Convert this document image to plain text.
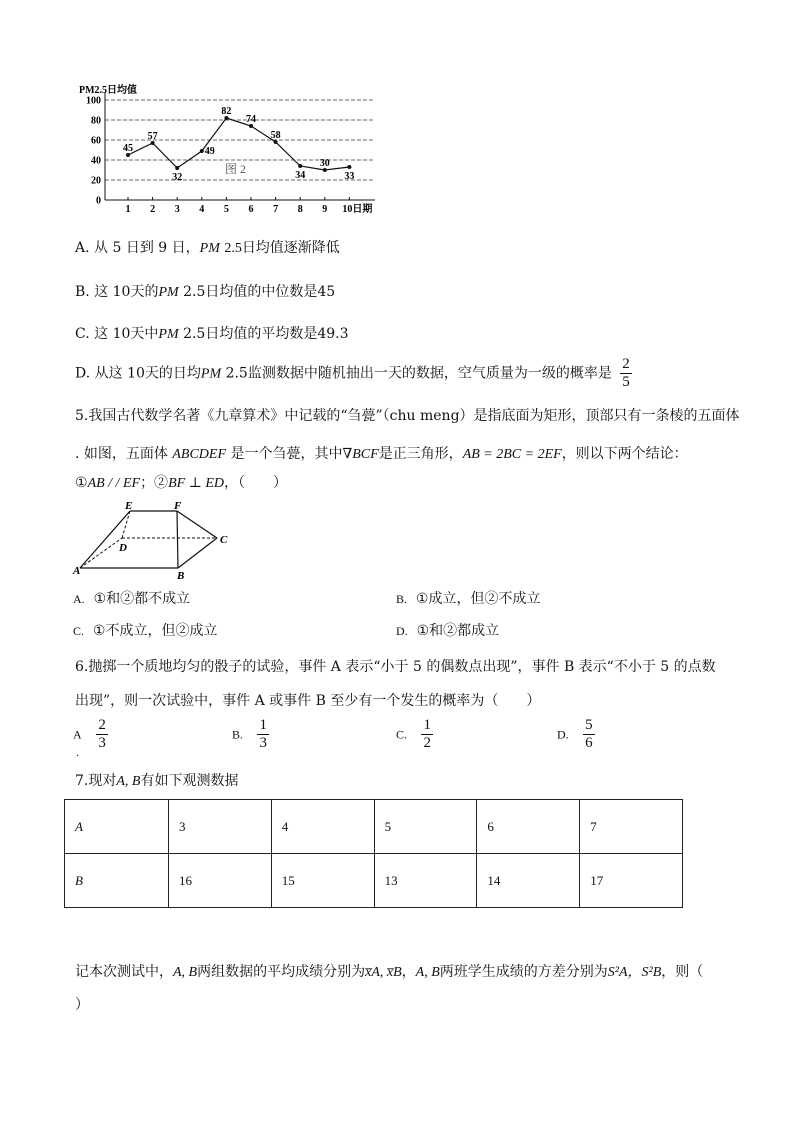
PM2.5日均值
0
20
40
60
80
100
1 2 3 4 5 6 7 8 9 10日期
45
57
32
49
82
74
58
34
30
33
图 2
A. 从 5 日到 9 日，PM 2.5日均值逐渐降低
B. 这 10天的PM 2.5日均值的中位数是45
C. 这 10天中PM 2.5日均值的平均数是49.3
D. 从这 10天的日均PM 2.5监测数据中随机抽出一天的数据，空气质量为一级的概率是 $\frac{2}{5}$
5.我国古代数学名著《九章算术》中记载的“刍甍”（chu meng）是指底面为矩形，顶部只有一条棱的五面体
. 如图，五面体 ABCDEF 是一个刍甍，其中∇BCF是正三角形，AB = 2BC = 2EF，则以下两个结论：
①AB / / EF；②BF ⊥ ED，（　　）
E	F
C
D
A	B
A. ①和②都不成立	B. ①成立，但②不成立
C. ①不成立，但②成立	D. ①和②都成立
6.抛掷一个质地均匀的骰子的试验，事件 A 表示“小于 5 的偶数点出现”，事件 B 表示“不小于 5 的点数
出现”，则一次试验中，事件 A 或事件 B 至少有一个发生的概率为（　　）
A $\frac{2}{3}$
.
B. $\frac{1}{3}$	C. $\frac{1}{2}$	D. $\frac{5}{6}$
7.现对A, B有如下观测数据
A	3	4	5	6	7
B	16	15	13	14	17
记本次测试中，A, B两组数据的平均成绩分别为x̅A, x̅B，A, B两班学生成绩的方差分别为S²A，S²B，则（
）
